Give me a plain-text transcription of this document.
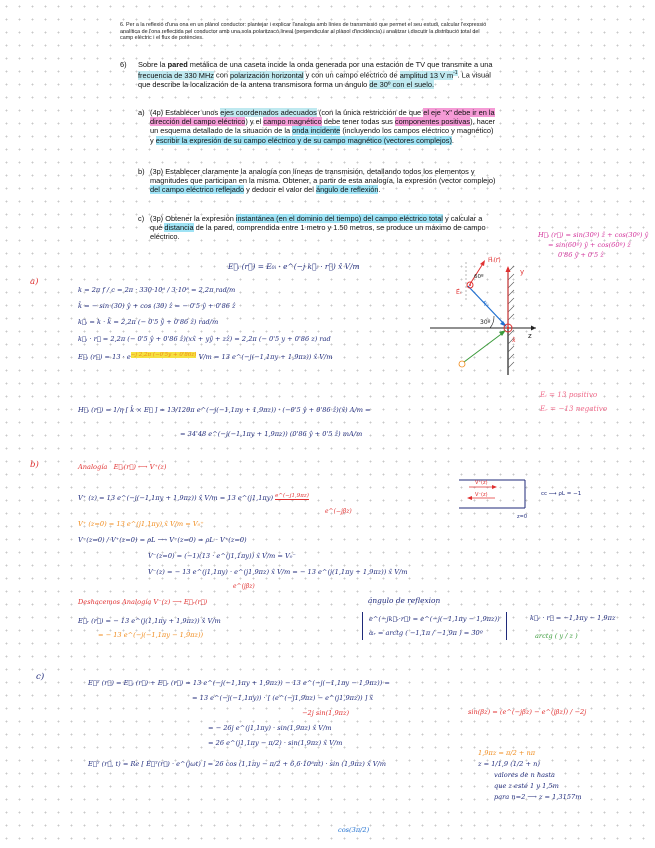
6. Per a la reflexió d'una ona en un plànol conductor: plantejar i explicar l'analogia amb línies de transmissió que permet el seu estudi, calcular l'expressió analítica de l'ona reflectida pel conductor amb una sola polaritzacó lineal (perpendicular al plànol d'incidència) i analitzar i discutir la distribució total del camp elèctric i el flux de potències.
6)	Sobre la pared metálica de una caseta incide la onda generada por una estación de TV que transmite a una frecuencia de 330 MHz con polarización horizontal y con un campo eléctrico de amplitud 13 V $m^{-1}$. La visual que describe la localización de la antena transmisora forma un ángulo de 30º con el suelo.
a) (4p) Establecer unos ejes coordenados adecuados (con la única restricción de que el eje "x" debe ir en la dirección del campo eléctrico) y el campo magnético debe tener todas sus componentes positivas), hacer un esquema detallado de la situación de la onda incidente (incluyendo los campos eléctrico y magnético) y escribir la expresión de su campo eléctrico y de su campo magnético (vectores complejos).
b) (3p) Establecer claramente la analogía con líneas de transmisión, detallando todos los elementos y magnitudes que participan en la misma. Obtener, a partir de esta analogía, la expresión (vector complejo) del campo eléctrico reflejado y deducir el valor del ángulo de reflexión.
c) (3p) Obtener la expresión instantánea (en el dominio del tiempo) del campo eléctrico total y calcular a qué distancia de la pared, comprendida entre 1 metro y 1.50 metros, se produce un máximo de campo eléctrico.
E⃗ᵢ (r⃗) = E₀ᵢ · e^(−j k⃗ᵢ · r⃗) x̂ V/m
H⃗ᵢ (r⃗) = sin(30º) ẑ + cos(30º) ŷ
= sin(60º) ŷ + cos(60º) ẑ
0'86 ŷ + 0'5 ẑ
Eᵢ = 13 positivo
Eᵣ = −13 negativo
H⃗ᵢ(r⃗)
k⃗ᵢ
E⃗ᵢ
y
z
30º
60º
x̂
a)
k = 2π f / c = 2π · 330·10⁶ / 3·10⁸ = 2,2π rad/m
k̂ = − sin (30) ŷ + cos (30) ẑ = − 0'5 ŷ + 0'86 ẑ
k⃗ᵢ = k · k̂ = 2,2π (− 0'5 ŷ + 0'86 ẑ) rad/m
k⃗ᵢ · r⃗ = 2,2π (− 0'5 ŷ + 0'86 ẑ)(xx̂ + yŷ + zẑ) = 2,2π (− 0'5 y + 0'86 z) rad
E⃗ᵢ (r⃗) = $13 \cdot e^{-j 2,2\pi (-0'5y + 0'86z)}$ V/m = 13 e^(−j(−1,1πy + 1,9πz)) x̂ V/m
H⃗ᵢ (r⃗) = 1/η [ k̂ × E⃗ ] = 13/120π e^(−j(−1,1πy + 1,9πz)) · (−0'5 ŷ + 0'86 ẑ)(x̂) A/m =
= 34'48 e^(−j(−1,1πy + 1,9πz)) (0'86 ŷ + 0'5 ẑ) mA/m
b)	Analogía E⃗ᵢ(r⃗) ⟷ V⁺(z)
V⁺ (z) = 13 e^(−j(−1,1πy + 1,9πz)) x̂ V/m = 13 e^(j1,1πy) $^{e\^{}(-j1,9\pi z)}$
V⁺ (z=0) = 13 e^(j1,1πy) x̂ V/m = V₀⁺
V⁻(z=0) / V⁺(z=0) = ρL ⟶ V⁻(z=0) = ρL · V⁺(z=0)
V⁻(z=0) = (−1)(13 · e^(j1,1πy)) x̂ V/m = V₀⁻
V⁻(z) = − 13 e^(j1,1πy) · e^(j1,9πz) x̂ V/m = − 13 e^(j(1,1πy + 1,9πz)) x̂ V/m
e^(−jβz)
e^(jβz)
V⁺(z)
V⁻(z)
z=0
cc ⟶ ρL = −1
Deshacemos Analogía V⁻(z) ⟶ E⃗ᵣ(r⃗)
E⃗ᵣ (r⃗) = − 13 e^(j(1,1πy + 1,9πz)) x̂ V/m
= − 13 e^(−j(−1,1πy − 1,9πz))
ángulo de reflexion
e^(−jk⃗ᵣ·r⃗) = e^(−j(−1,1πy − 1,9πz))
αᵣ = arctg ( −1,1π / −1,9π ) = 30º
k⃗ᵣ · r⃗ = −1,1πy − 1,9πz
arctg ( y / z )
c)
E⃗ᵀ (r⃗) = E⃗ᵢ (r⃗) + E⃗ᵣ (r⃗) = 13 e^(−j(−1,1πy + 1,9πz)) − 13 e^(−j(−1,1πy − 1,9πz)) =
= 13 e^(−j(−1,1πy)) · [ (e^(−j1,9πz) − e^(j1,9πz)) ] x̂
−2j sin(1,9πz)
= − 26j e^(j1,1πy) · sin(1,9πz) x̂ V/m
= 26 e^(j1,1πy − π/2) · sin(1,9πz) x̂ V/m
E⃗ᵀ (r⃗, t) = Re [ E⃗ᵀ(r⃗) · e^(jωt) ] = 26 cos (1,1πy − π/2 + 6,6·10⁸πt) · sin (1,9πz) x̂ V/m
sin(βz) = (e^(−jβz) − e^(jβz)) / −2j
1,9πz = π/2 + nπ
z = 1/1,9 (1/2 + n)
valores de n hasta
que z esté 1 y 1,5m
para n=2 ⟶ z = 1,3157m
cos(3π/2)
